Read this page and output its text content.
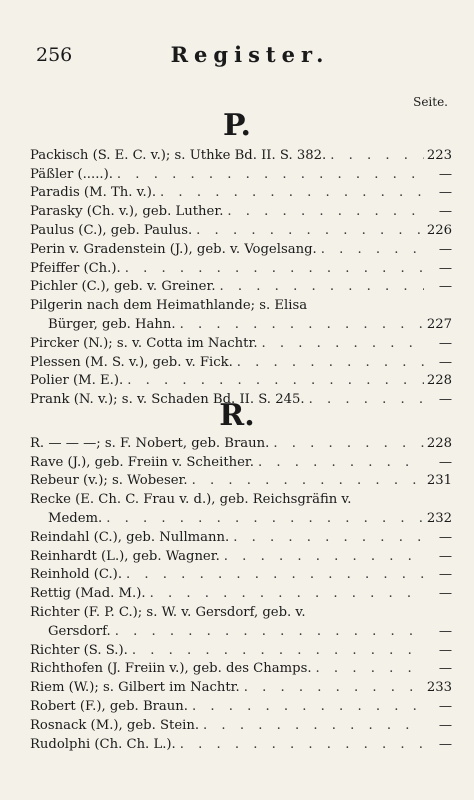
256	Register.
Seite.
P.
Packisch (S. E. C. v.); s. Uthke Bd. II. S. 382. . . .	223
Päßler (.....). . . .	—
Paradis (M. Th. v.). . . .	—
Parasky (Ch. v.), geb. Luther. . . .	—
Paulus (C.), geb. Paulus. . . .	226
Perin v. Gradenstein (J.), geb. v. Vogelsang. . . .	—
Pfeiffer (Ch.). . . .	—
Pichler (C.), geb. v. Greiner. . . .	—
Pilgerin nach dem Heimathlande; s. Elisa
Bürger, geb. Hahn. . . .	227
Pircker (N.); s. v. Cotta im Nachtr. . . .	—
Plessen (M. S. v.), geb. v. Fick. . . .	—
Polier (M. E.). . . .	228
Prank (N. v.); s. v. Schaden Bd. II. S. 245. . . .	—
R.
R. — — —; s. F. Nobert, geb. Braun. . . .	228
Rave (J.), geb. Freiin v. Scheither. . . .	—
Rebeur (v.); s. Wobeser. . . .	231
Recke (E. Ch. C. Frau v. d.), geb. Reichsgräfin v.
Medem. . . .	232
Reindahl (C.), geb. Nullmann. . . .	—
Reinhardt (L.), geb. Wagner. . . .	—
Reinhold (C.). . . .	—
Rettig (Mad. M.). . . .	—
Richter (F. P. C.); s. W. v. Gersdorf, geb. v.
Gersdorf. . . .	—
Richter (S. S.). . . .	—
Richthofen (J. Freiin v.), geb. des Champs. . . .	—
Riem (W.); s. Gilbert im Nachtr. . . .	233
Robert (F.), geb. Braun. . . .	—
Rosnack (M.), geb. Stein. . . .	—
Rudolphi (Ch. Ch. L.). . . .	—
